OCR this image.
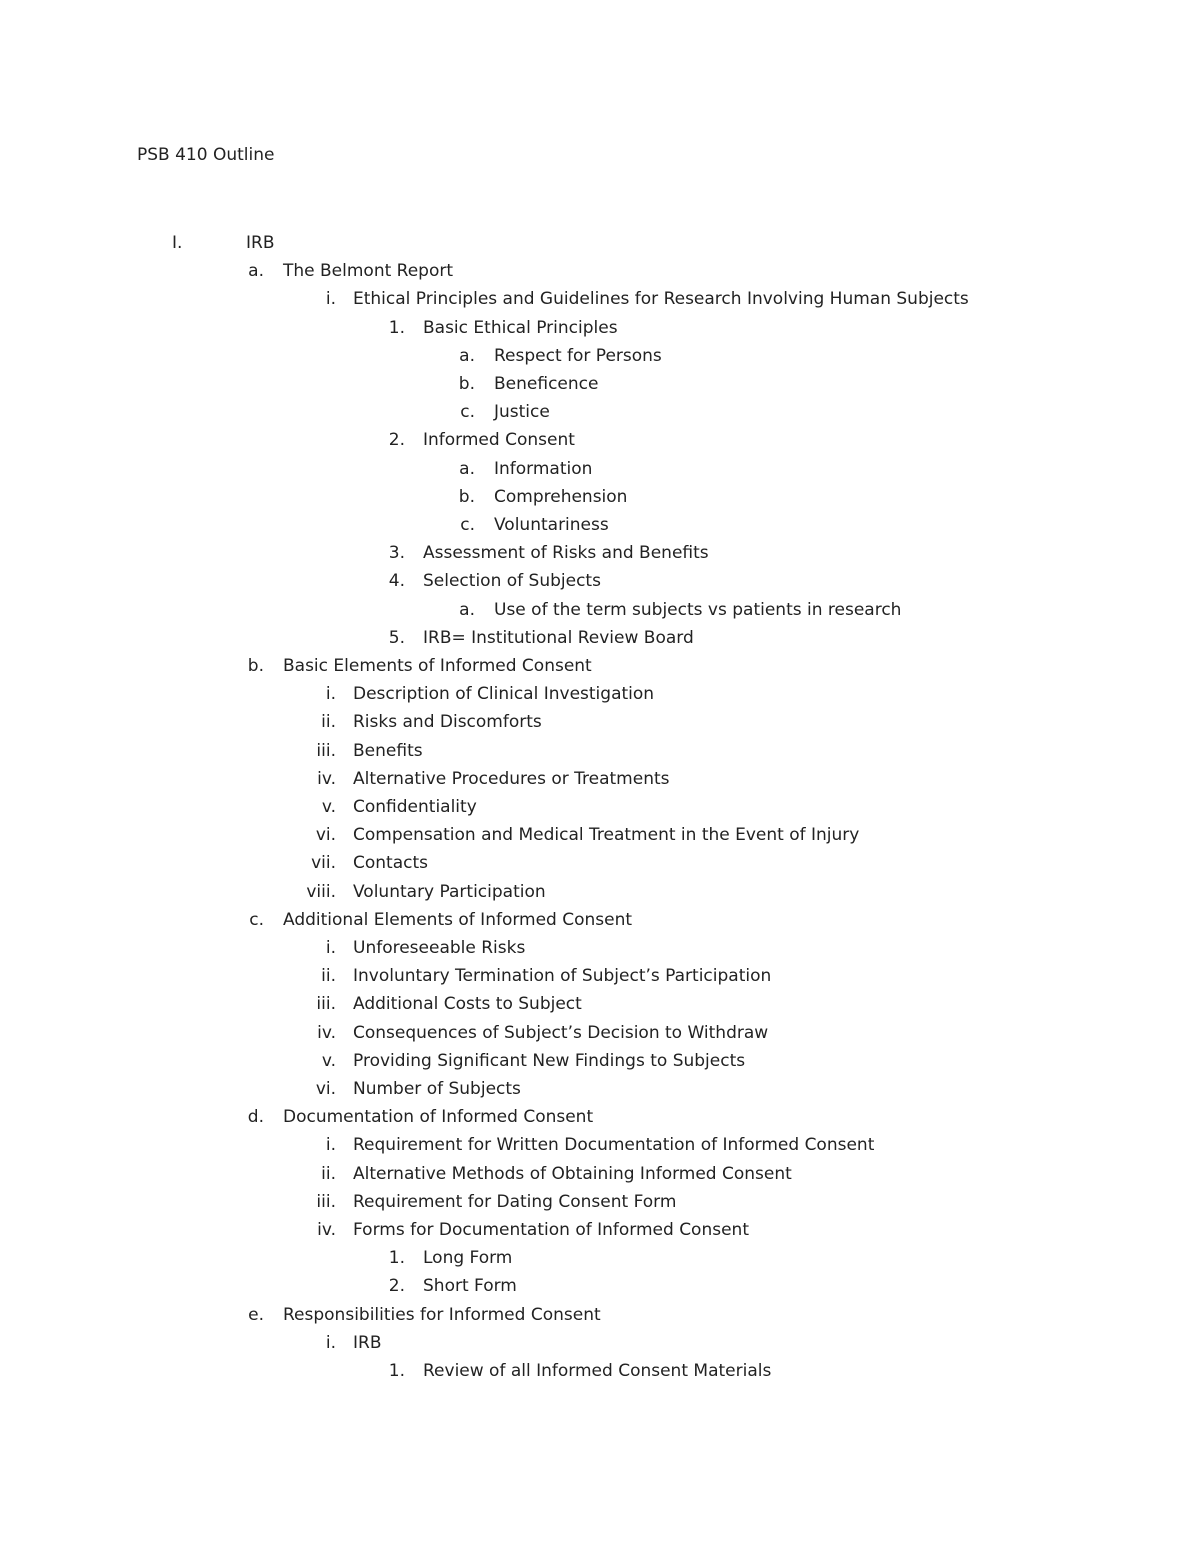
PSB 410 Outline
I.	IRB
a. The Belmont Report
i. Ethical Principles and Guidelines for Research Involving Human Subjects
1. Basic Ethical Principles
a. Respect for Persons
b. Beneficence
c. Justice
2. Informed Consent
a. Information
b. Comprehension
c. Voluntariness
3. Assessment of Risks and Benefits
4. Selection of Subjects
a. Use of the term subjects vs patients in research
5. IRB= Institutional Review Board
b. Basic Elements of Informed Consent
i. Description of Clinical Investigation
ii. Risks and Discomforts
iii. Benefits
iv. Alternative Procedures or Treatments
v. Confidentiality
vi. Compensation and Medical Treatment in the Event of Injury
vii. Contacts
viii. Voluntary Participation
c. Additional Elements of Informed Consent
i. Unforeseeable Risks
ii. Involuntary Termination of Subject’s Participation
iii. Additional Costs to Subject
iv. Consequences of Subject’s Decision to Withdraw
v. Providing Significant New Findings to Subjects
vi. Number of Subjects
d. Documentation of Informed Consent
i. Requirement for Written Documentation of Informed Consent
ii. Alternative Methods of Obtaining Informed Consent
iii. Requirement for Dating Consent Form
iv. Forms for Documentation of Informed Consent
1. Long Form
2. Short Form
e. Responsibilities for Informed Consent
i. IRB
1. Review of all Informed Consent Materials
